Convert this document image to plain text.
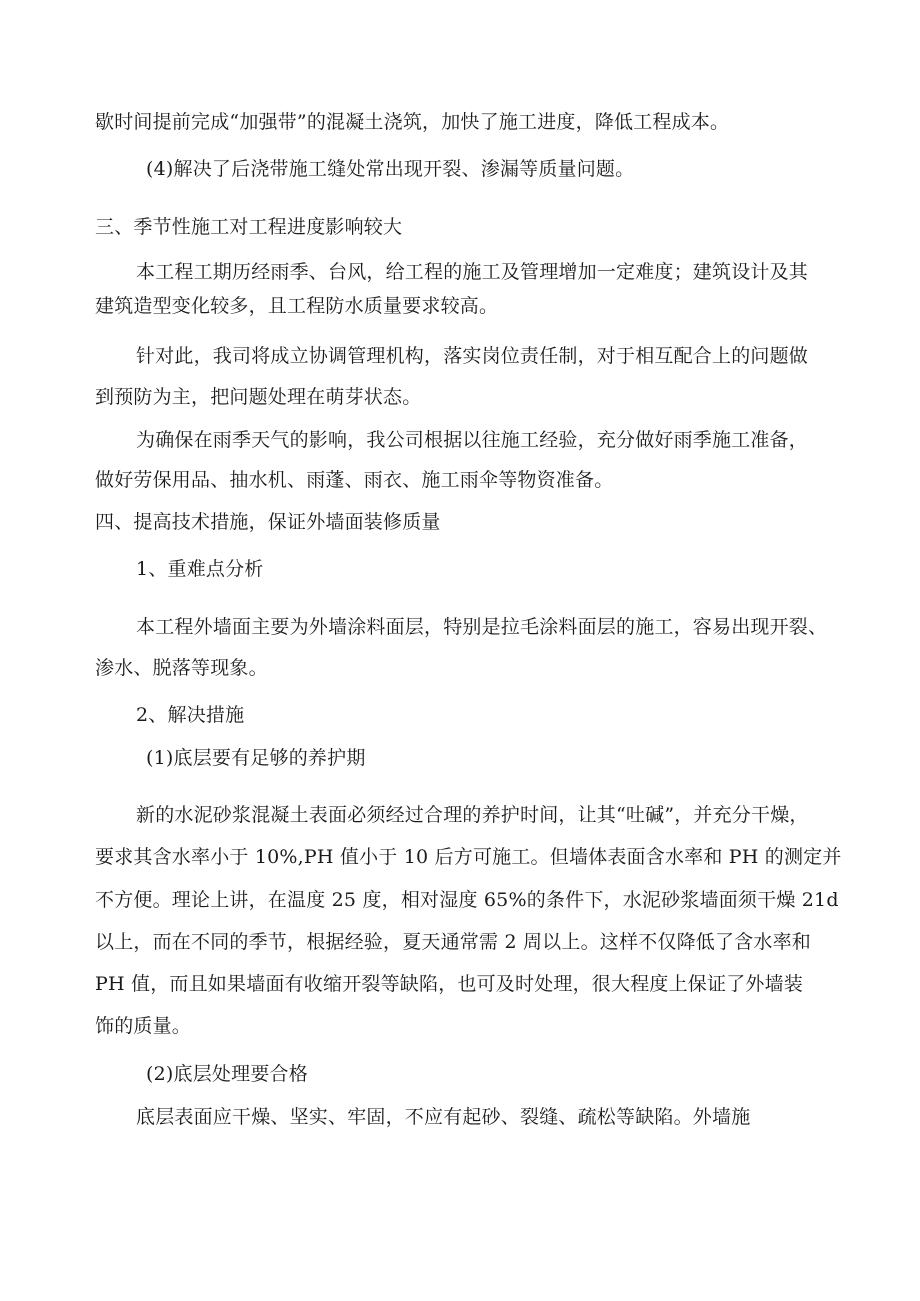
歇时间提前完成“加强带”的混凝土浇筑，加快了施工进度，降低工程成本。
(4)解决了后浇带施工缝处常出现开裂、渗漏等质量问题。
三、季节性施工对工程进度影响较大
本工程工期历经雨季、台风，给工程的施工及管理增加一定难度；建筑设计及其
建筑造型变化较多，且工程防水质量要求较高。
针对此，我司将成立协调管理机构，落实岗位责任制，对于相互配合上的问题做
到预防为主，把问题处理在萌芽状态。
为确保在雨季天气的影响，我公司根据以往施工经验，充分做好雨季施工准备，
做好劳保用品、抽水机、雨蓬、雨衣、施工雨伞等物资准备。
四、提高技术措施，保证外墙面装修质量
1、重难点分析
本工程外墙面主要为外墙涂料面层，特别是拉毛涂料面层的施工，容易出现开裂、
渗水、脱落等现象。
2、解决措施
(1)底层要有足够的养护期
新的水泥砂浆混凝土表面必须经过合理的养护时间，让其“吐碱”，并充分干燥，
要求其含水率小于 10%,PH 值小于 10 后方可施工。但墙体表面含水率和 PH 的测定并
不方便。理论上讲，在温度 25 度，相对湿度 65%的条件下，水泥砂浆墙面须干燥 21d
以上，而在不同的季节，根据经验，夏天通常需 2 周以上。这样不仅降低了含水率和
PH 值，而且如果墙面有收缩开裂等缺陷，也可及时处理，很大程度上保证了外墙装
饰的质量。
(2)底层处理要合格
底层表面应干燥、坚实、牢固，不应有起砂、裂缝、疏松等缺陷。外墙施
